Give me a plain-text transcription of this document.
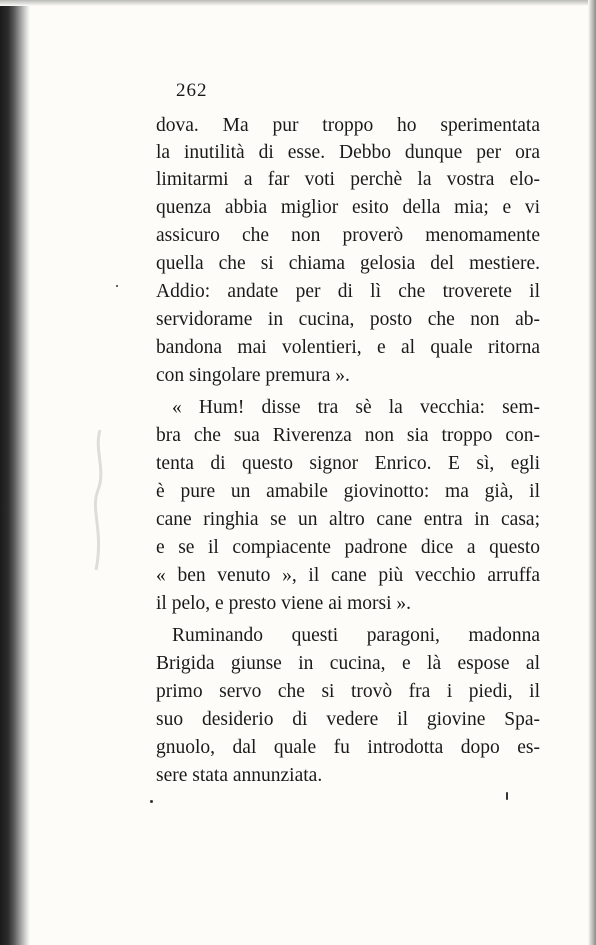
262
dova. Ma pur troppo ho sperimentata
la inutilità di esse. Debbo dunque per ora
limitarmi a far voti perchè la vostra elo-
quenza abbia miglior esito della mia; e vi
assicuro che non proverò menomamente
quella che si chiama gelosia del mestiere.
Addio: andate per di lì che troverete il
servidorame in cucina, posto che non ab-
bandona mai volentieri, e al quale ritorna
con singolare premura ».
« Hum! disse tra sè la vecchia: sem-
bra che sua Riverenza non sia troppo con-
tenta di questo signor Enrico. E sì, egli
è pure un amabile giovinotto: ma già, il
cane ringhia se un altro cane entra in casa;
e se il compiacente padrone dice a questo
« ben venuto », il cane più vecchio arruffa
il pelo, e presto viene ai morsi ».
Ruminando questi paragoni, madonna
Brigida giunse in cucina, e là espose al
primo servo che si trovò fra i piedi, il
suo desiderio di vedere il giovine Spa-
gnuolo, dal quale fu introdotta dopo es-
sere stata annunziata.
